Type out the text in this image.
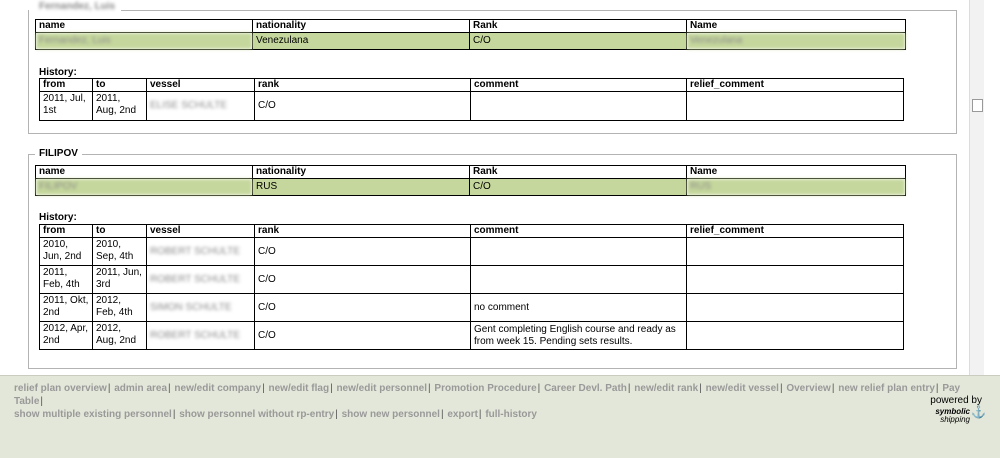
Fernandez, Luis
name	nationality	Rank	Name
Fernandez, Luis	Venezulana	C/O	Venezulana
History:
from	to	vessel	rank	comment	relief_comment
2011, Jul, 1st	2011, Aug, 2nd	ELISE SCHULTE	C/O		
FILIPOV
name	nationality	Rank	Name
FILIPOV	RUS	C/O	RUS
History:
from	to	vessel	rank	comment	relief_comment
2010, Jun, 2nd	2010, Sep, 4th	ROBERT SCHULTE	C/O		
2011, Feb, 4th	2011, Jun, 3rd	ROBERT SCHULTE	C/O		
2011, Okt, 2nd	2012, Feb, 4th	SIMON SCHULTE	C/O	no comment	
2012, Apr, 2nd	2012, Aug, 2nd	ROBERT SCHULTE	C/O	Gent completing English course and ready as from week 15. Pending sets results.	
relief plan overview| admin area| new/edit company| new/edit flag| new/edit personnel| Promotion Procedure| Career Devl. Path| new/edit rank| new/edit vessel| Overview| new relief plan entry| Pay Table|
show multiple existing personnel| show personnel without rp-entry| show new personnel| export| full-history
powered by
symbolic
shipping
⚓
